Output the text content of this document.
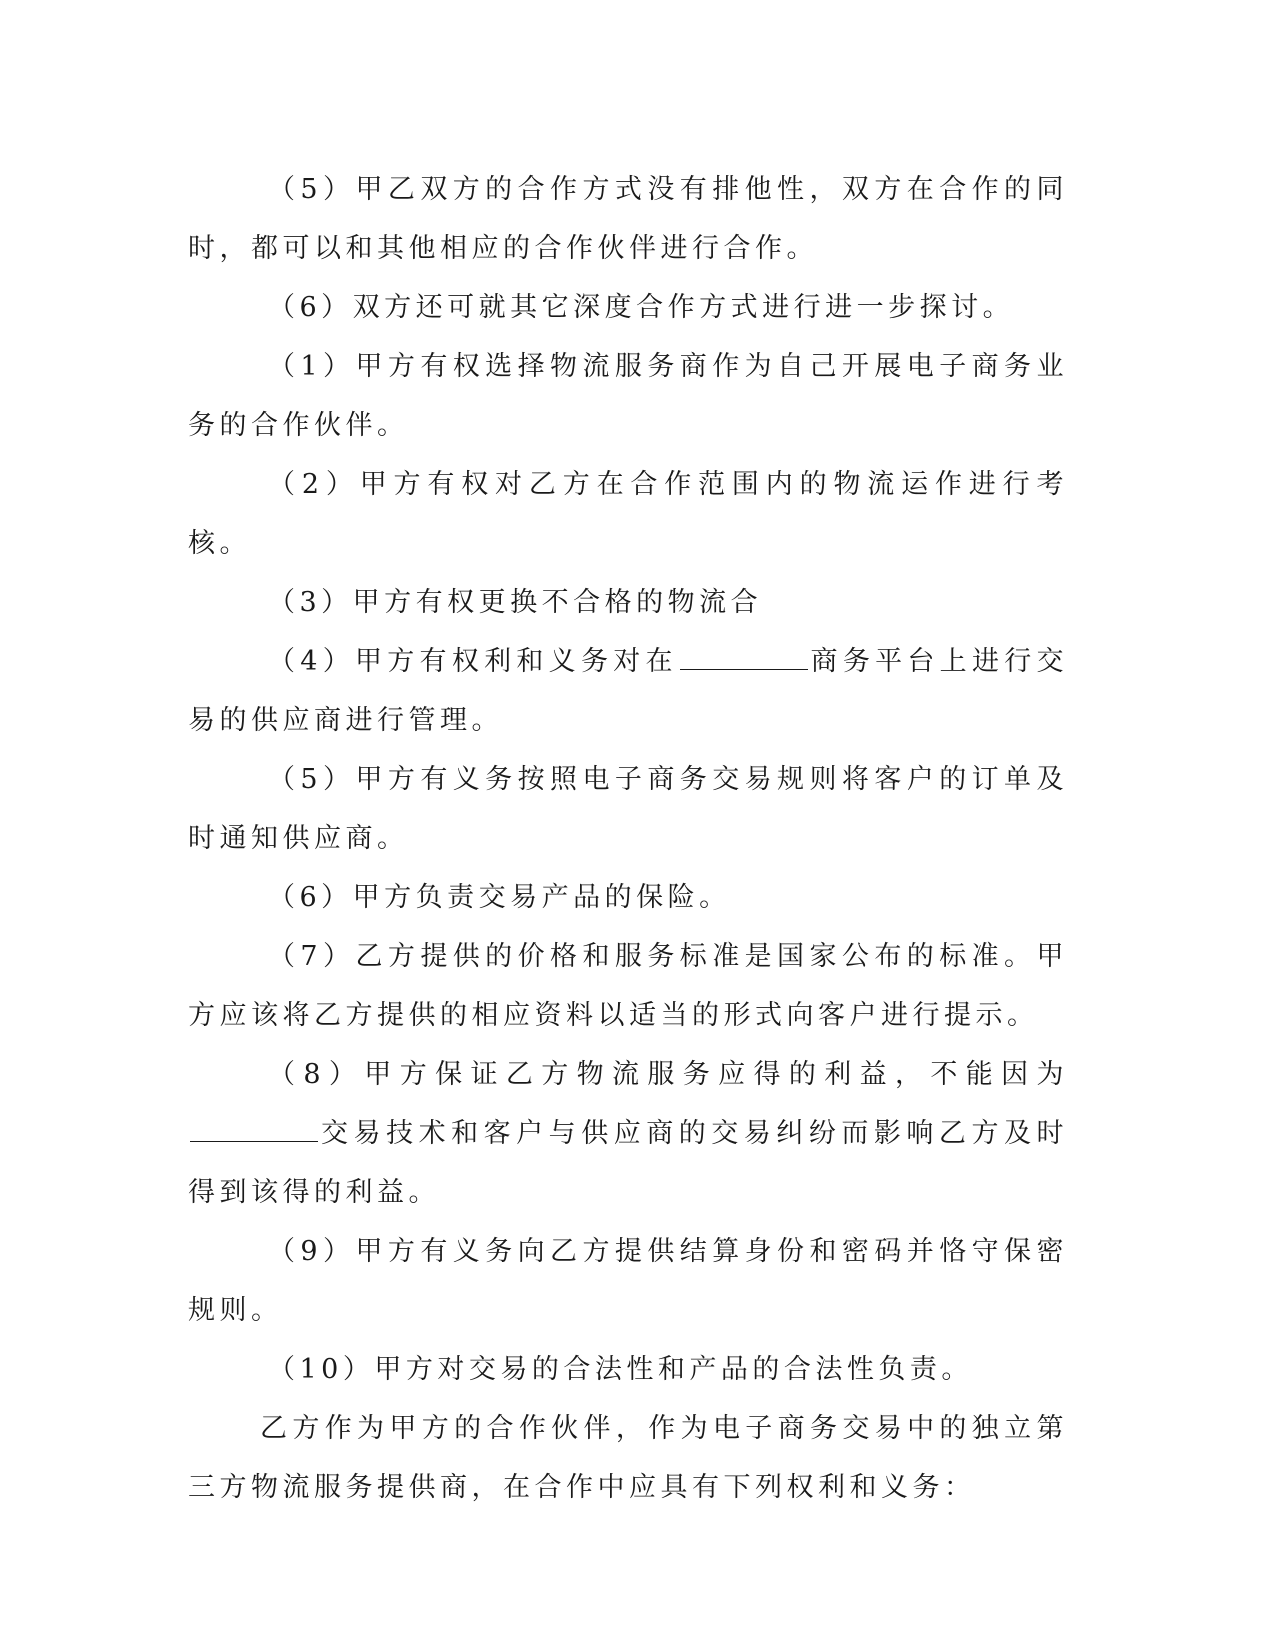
（5）甲乙双方的合作方式没有排他性，双方在合作的同时，都可以和其他相应的合作伙伴进行合作。

（6）双方还可就其它深度合作方式进行进一步探讨。

（1）甲方有权选择物流服务商作为自己开展电子商务业务的合作伙伴。

（2）甲方有权对乙方在合作范围内的物流运作进行考核。

（3）甲方有权更换不合格的物流合

（4）甲方有权利和义务对在	商务平台上进行交易的供应商进行管理。

（5）甲方有义务按照电子商务交易规则将客户的订单及时通知供应商。

（6）甲方负责交易产品的保险。

（7）乙方提供的价格和服务标准是国家公布的标准。甲方应该将乙方提供的相应资料以适当的形式向客户进行提示。

（8）甲方保证乙方物流服务应得的利益，不能因为交易技术和客户与供应商的交易纠纷而影响乙方及时得到该得的利益。

（9）甲方有义务向乙方提供结算身份和密码并恪守保密规则。

（10）甲方对交易的合法性和产品的合法性负责。

乙方作为甲方的合作伙伴，作为电子商务交易中的独立第三方物流服务提供商，在合作中应具有下列权利和义务：
